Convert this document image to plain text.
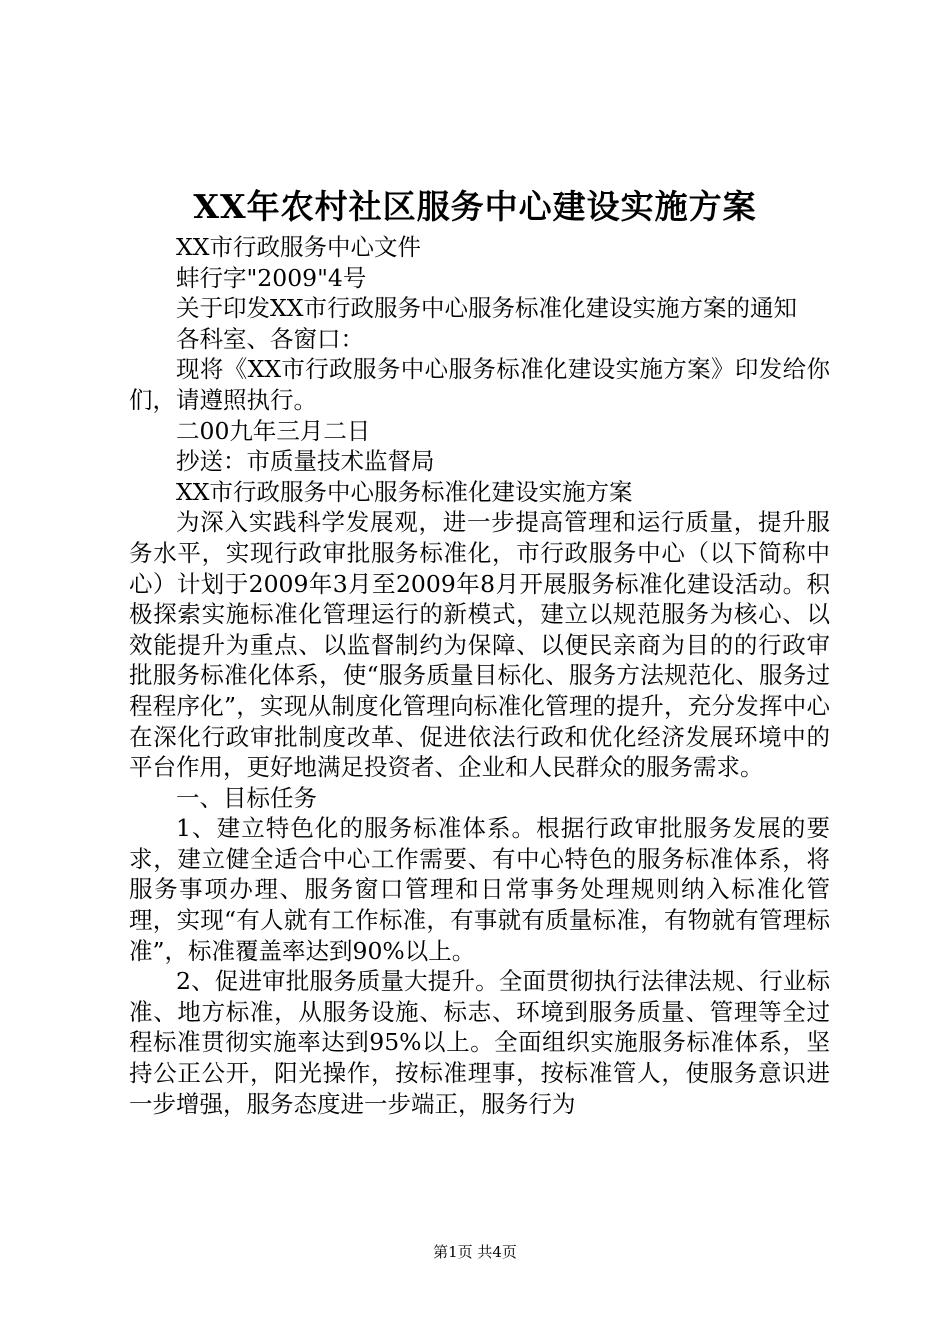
XX年农村社区服务中心建设实施方案

XX市行政服务中心文件

蚌行字"2009"4号

关于印发XX市行政服务中心服务标准化建设实施方案的通知

各科室、各窗口：

现将《XX市行政服务中心服务标准化建设实施方案》印发给你们，请遵照执行。

二00九年三月二日

抄送：市质量技术监督局

XX市行政服务中心服务标准化建设实施方案

为深入实践科学发展观，进一步提高管理和运行质量，提升服务水平，实现行政审批服务标准化，市行政服务中心（以下简称中心）计划于2009年3月至2009年8月开展服务标准化建设活动。积极探索实施标准化管理运行的新模式，建立以规范服务为核心、以效能提升为重点、以监督制约为保障、以便民亲商为目的的行政审批服务标准化体系，使“服务质量目标化、服务方法规范化、服务过程程序化”，实现从制度化管理向标准化管理的提升，充分发挥中心在深化行政审批制度改革、促进依法行政和优化经济发展环境中的平台作用，更好地满足投资者、企业和人民群众的服务需求。

一、目标任务

1、建立特色化的服务标准体系。根据行政审批服务发展的要求，建立健全适合中心工作需要、有中心特色的服务标准体系，将服务事项办理、服务窗口管理和日常事务处理规则纳入标准化管理，实现“有人就有工作标准，有事就有质量标准，有物就有管理标准”，标准覆盖率达到90%以上。

2、促进审批服务质量大提升。全面贯彻执行法律法规、行业标准、地方标准，从服务设施、标志、环境到服务质量、管理等全过程标准贯彻实施率达到95%以上。全面组织实施服务标准体系，坚持公正公开，阳光操作，按标准理事，按标准管人，使服务意识进一步增强，服务态度进一步端正，服务行为

第1页 共4页
